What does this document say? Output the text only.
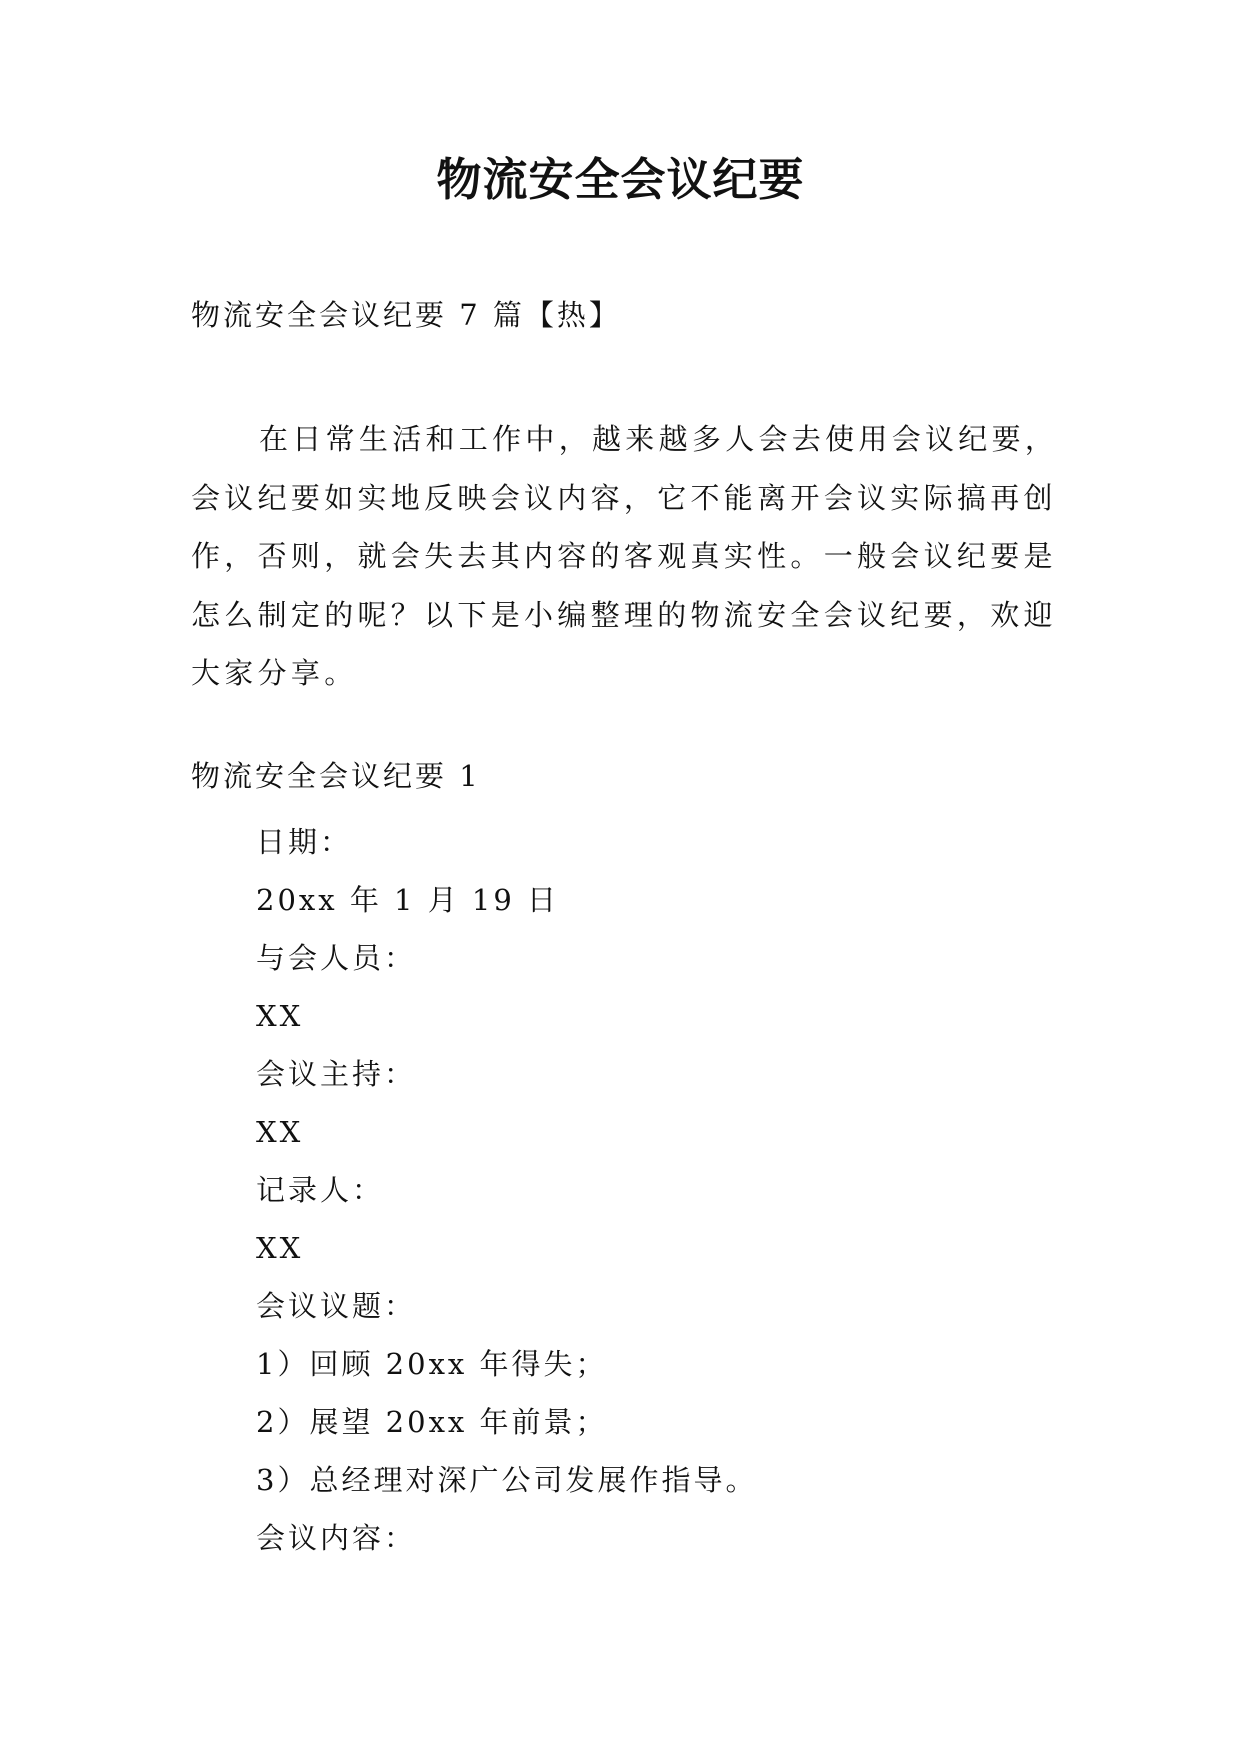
物流安全会议纪要
物流安全会议纪要 7 篇【热】
在日常生活和工作中，越来越多人会去使用会议纪要，会议纪要如实地反映会议内容，它不能离开会议实际搞再创作，否则，就会失去其内容的客观真实性。一般会议纪要是怎么制定的呢？以下是小编整理的物流安全会议纪要，欢迎大家分享。
物流安全会议纪要 1
日期：
20xx 年 1 月 19 日
与会人员：
XX
会议主持：
XX
记录人：
XX
会议议题：
1）回顾 20xx 年得失；
2）展望 20xx 年前景；
3）总经理对深广公司发展作指导。
会议内容：
